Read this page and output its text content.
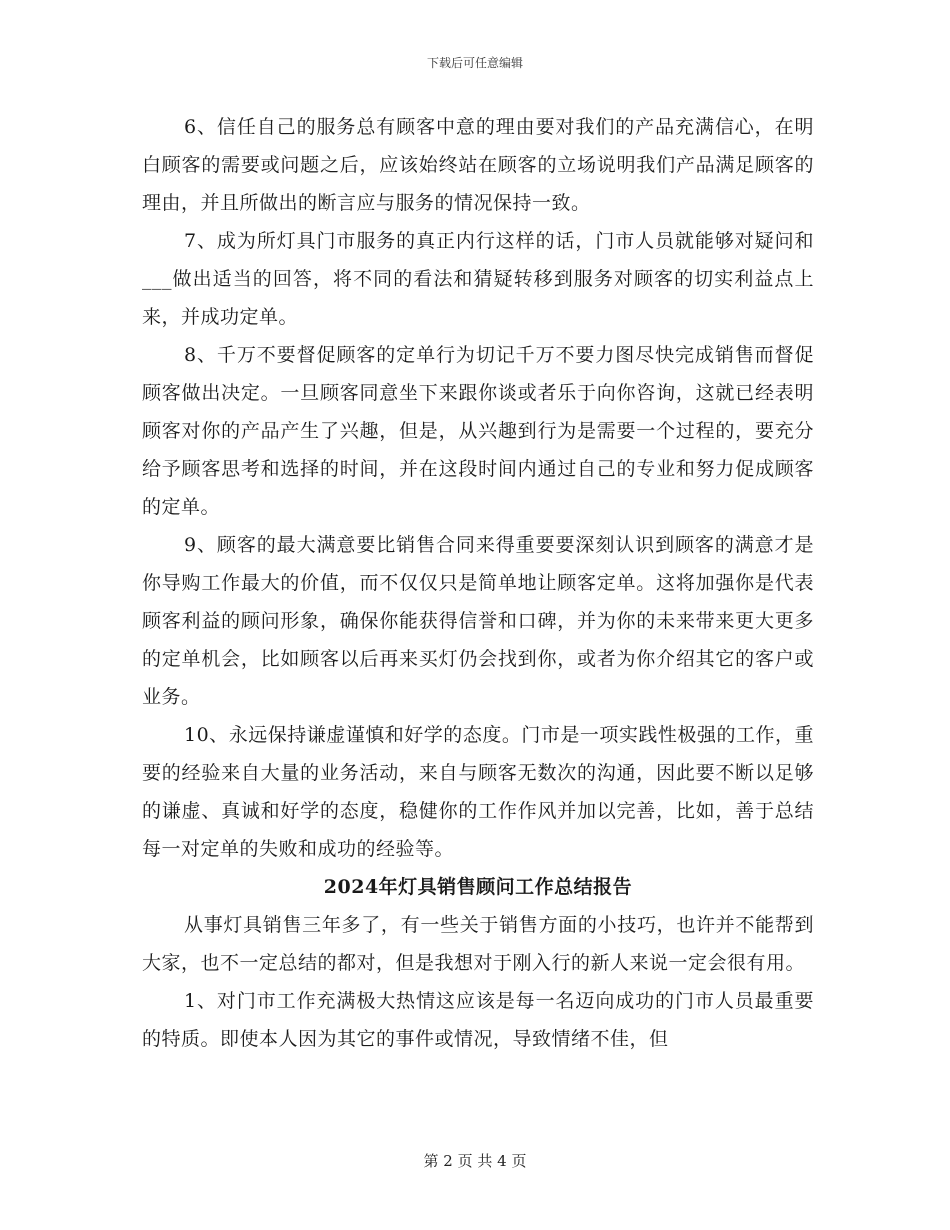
下载后可任意编辑

6、信任自己的服务总有顾客中意的理由要对我们的产品充满信心，在明白顾客的需要或问题之后，应该始终站在顾客的立场说明我们产品满足顾客的理由，并且所做出的断言应与服务的情况保持一致。

7、成为所灯具门市服务的真正内行这样的话，门市人员就能够对疑问和___做出适当的回答，将不同的看法和猜疑转移到服务对顾客的切实利益点上来，并成功定单。

8、千万不要督促顾客的定单行为切记千万不要力图尽快完成销售而督促顾客做出决定。一旦顾客同意坐下来跟你谈或者乐于向你咨询，这就已经表明顾客对你的产品产生了兴趣，但是，从兴趣到行为是需要一个过程的，要充分给予顾客思考和选择的时间，并在这段时间内通过自己的专业和努力促成顾客的定单。

9、顾客的最大满意要比销售合同来得重要要深刻认识到顾客的满意才是你导购工作最大的价值，而不仅仅只是简单地让顾客定单。这将加强你是代表顾客利益的顾问形象，确保你能获得信誉和口碑，并为你的未来带来更大更多的定单机会，比如顾客以后再来买灯仍会找到你，或者为你介绍其它的客户或业务。

10、永远保持谦虚谨慎和好学的态度。门市是一项实践性极强的工作，重要的经验来自大量的业务活动，来自与顾客无数次的沟通，因此要不断以足够的谦虚、真诚和好学的态度，稳健你的工作作风并加以完善，比如，善于总结每一对定单的失败和成功的经验等。

2024年灯具销售顾问工作总结报告

从事灯具销售三年多了，有一些关于销售方面的小技巧，也许并不能帮到大家，也不一定总结的都对，但是我想对于刚入行的新人来说一定会很有用。

1、对门市工作充满极大热情这应该是每一名迈向成功的门市人员最重要的特质。即使本人因为其它的事件或情况，导致情绪不佳，但

第 2 页 共 4 页
